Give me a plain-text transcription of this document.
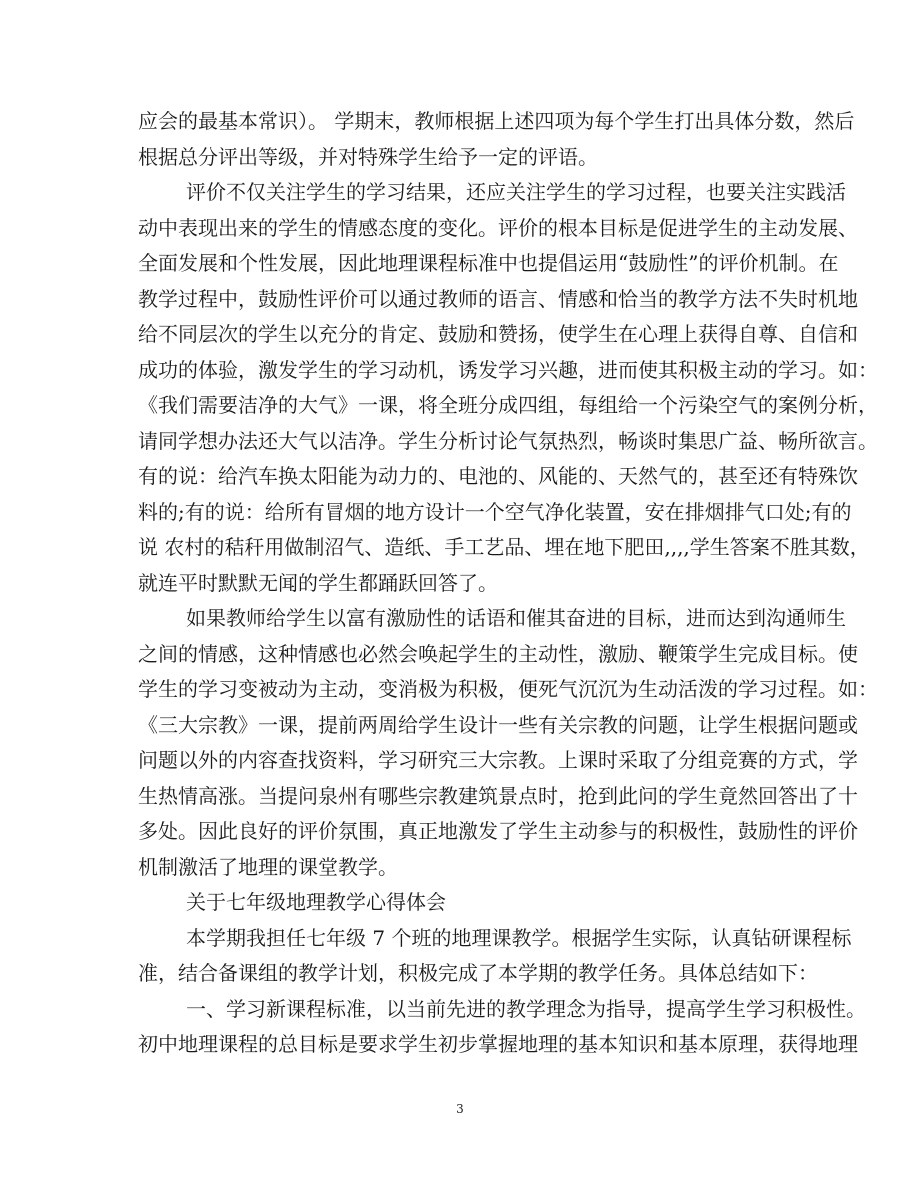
应会的最基本常识）。 学期末，教师根据上述四项为每个学生打出具体分数，然后
根据总分评出等级，并对特殊学生给予一定的评语。
评价不仅关注学生的学习结果，还应关注学生的学习过程，也要关注实践活
动中表现出来的学生的情感态度的变化。评价的根本目标是促进学生的主动发展、
全面发展和个性发展，因此地理课程标准中也提倡运用“鼓励性”的评价机制。在
教学过程中，鼓励性评价可以通过教师的语言、情感和恰当的教学方法不失时机地
给不同层次的学生以充分的肯定、鼓励和赞扬，使学生在心理上获得自尊、自信和
成功的体验，激发学生的学习动机，诱发学习兴趣，进而使其积极主动的学习。如：
《我们需要洁净的大气》一课，将全班分成四组，每组给一个污染空气的案例分析，
请同学想办法还大气以洁净。学生分析讨论气氛热烈，畅谈时集思广益、畅所欲言。
有的说：给汽车换太阳能为动力的、电池的、风能的、天然气的，甚至还有特殊饮
料的;有的说：给所有冒烟的地方设计一个空气净化装置，安在排烟排气口处;有的
说 农村的秸秆用做制沼气、造纸、手工艺品、埋在地下肥田,,,,学生答案不胜其数，
就连平时默默无闻的学生都踊跃回答了。
如果教师给学生以富有激励性的话语和催其奋进的目标，进而达到沟通师生
之间的情感，这种情感也必然会唤起学生的主动性，激励、鞭策学生完成目标。使
学生的学习变被动为主动，变消极为积极，便死气沉沉为生动活泼的学习过程。如：
《三大宗教》一课，提前两周给学生设计一些有关宗教的问题，让学生根据问题或
问题以外的内容查找资料，学习研究三大宗教。上课时采取了分组竞赛的方式，学
生热情高涨。当提问泉州有哪些宗教建筑景点时，抢到此问的学生竟然回答出了十
多处。因此良好的评价氛围，真正地激发了学生主动参与的积极性，鼓励性的评价
机制激活了地理的课堂教学。
关于七年级地理教学心得体会
本学期我担任七年级 7 个班的地理课教学。根据学生实际，认真钻研课程标
准，结合备课组的教学计划，积极完成了本学期的教学任务。具体总结如下：
一、学习新课程标准，以当前先进的教学理念为指导，提高学生学习积极性。
初中地理课程的总目标是要求学生初步掌握地理的基本知识和基本原理，获得地理
3
